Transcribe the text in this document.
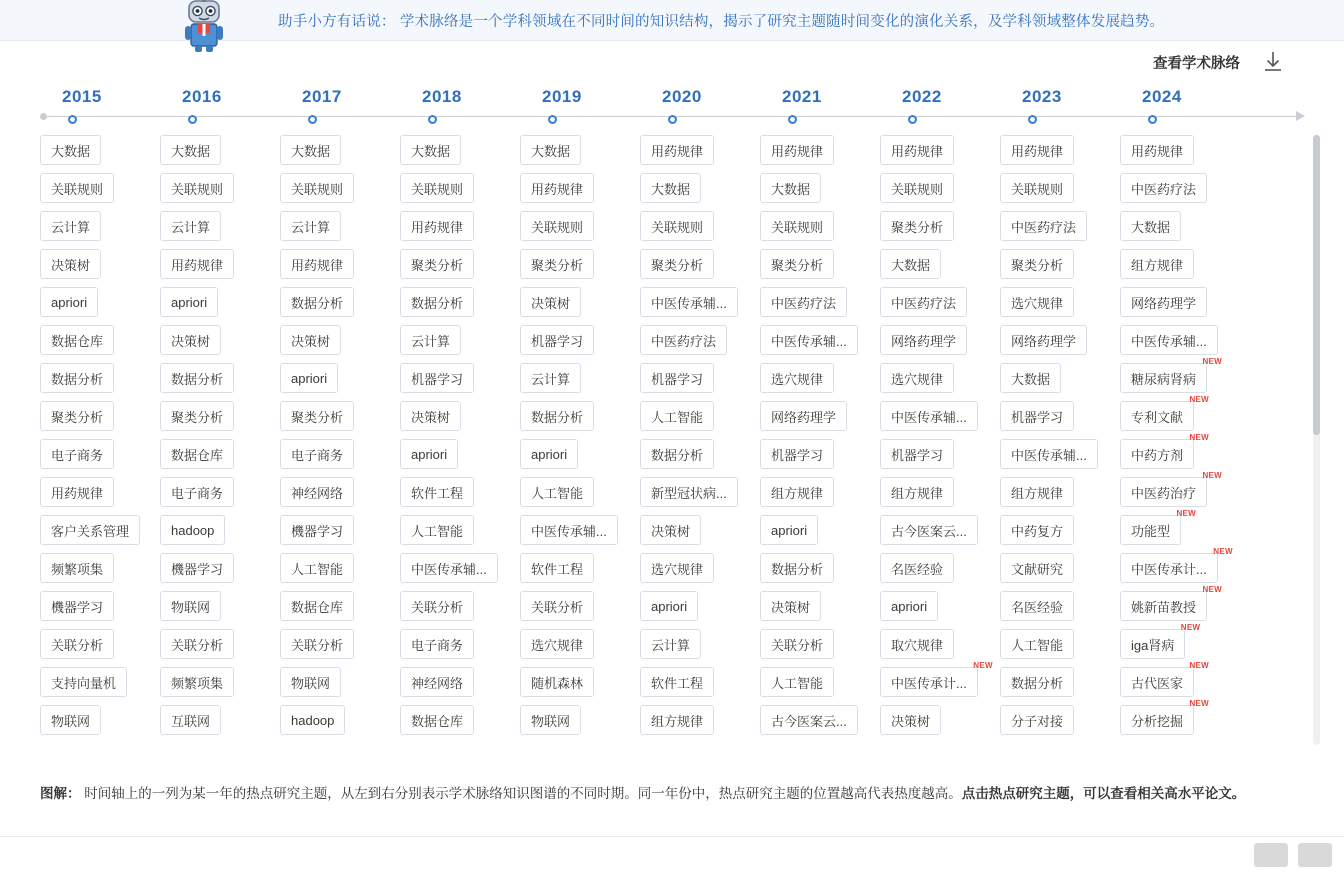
助手小方有话说： 学术脉络是一个学科领域在不同时间的知识结构，揭示了研究主题随时间变化的演化关系，及学科领域整体发展趋势。
查看学术脉络
2015
大数据
关联规则
云计算
决策树
apriori
数据仓库
数据分析
聚类分析
电子商务
用药规律
客户关系管理
频繁项集
機器学习
关联分析
支持向量机
物联网
2016
大数据
关联规则
云计算
用药规律
apriori
决策树
数据分析
聚类分析
数据仓库
电子商务
hadoop
機器学习
物联网
关联分析
频繁项集
互联网
2017
大数据
关联规则
云计算
用药规律
数据分析
决策树
apriori
聚类分析
电子商务
神经网络
機器学习
人工智能
数据仓库
关联分析
物联网
hadoop
2018
大数据
关联规则
用药规律
聚类分析
数据分析
云计算
机器学习
决策树
apriori
软件工程
人工智能
中医传承辅...
关联分析
电子商务
神经网络
数据仓库
2019
大数据
用药规律
关联规则
聚类分析
决策树
机器学习
云计算
数据分析
apriori
人工智能
中医传承辅...
软件工程
关联分析
选穴规律
随机森林
物联网
2020
用药规律
大数据
关联规则
聚类分析
中医传承辅...
中医药疗法
机器学习
人工智能
数据分析
新型冠状病...
决策树
选穴规律
apriori
云计算
软件工程
组方规律
2021
用药规律
大数据
关联规则
聚类分析
中医药疗法
中医传承辅...
选穴规律
网络药理学
机器学习
组方规律
apriori
数据分析
决策树
关联分析
人工智能
古今医案云...
2022
用药规律
关联规则
聚类分析
大数据
中医药疗法
网络药理学
选穴规律
中医传承辅...
机器学习
组方规律
古今医案云...
名医经验
apriori
取穴规律
中医传承计...
NEW
决策树
2023
用药规律
关联规则
中医药疗法
聚类分析
选穴规律
网络药理学
大数据
机器学习
中医传承辅...
组方规律
中药复方
文献研究
名医经验
人工智能
数据分析
分子对接
2024
用药规律
中医药疗法
大数据
组方规律
网络药理学
中医传承辅...
糖尿病肾病
NEW
专利文献
NEW
中药方剂
NEW
中医药治疗
NEW
功能型
NEW
中医传承计...
NEW
姚新苗教授
NEW
iga肾病
NEW
古代医家
NEW
分析挖掘
NEW
图解： 时间轴上的一列为某一年的热点研究主题，从左到右分别表示学术脉络知识图谱的不同时期。同一年份中，热点研究主题的位置越高代表热度越高。点击热点研究主题，可以查看相关高水平论文。
